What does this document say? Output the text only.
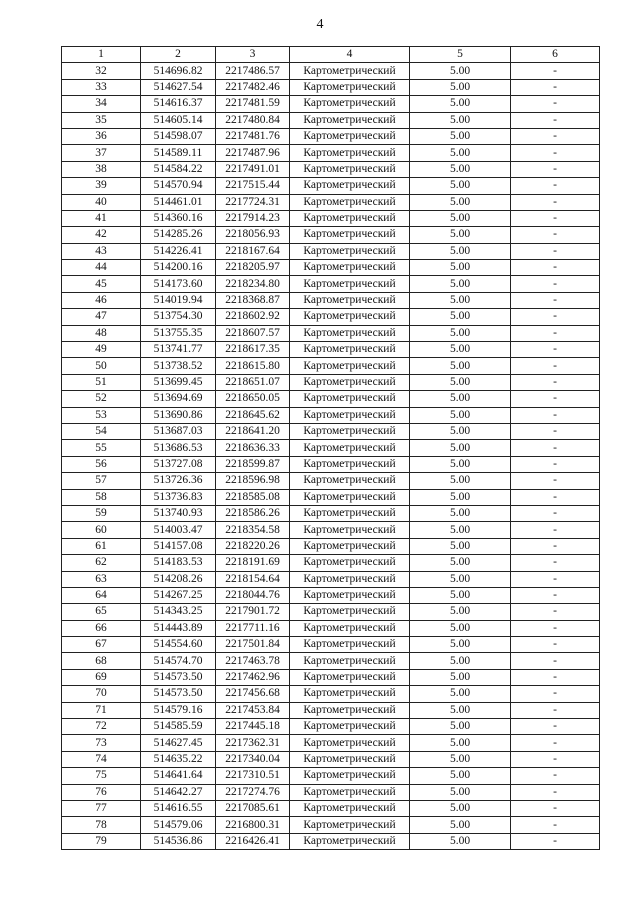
4
1	2	3	4	5	6
32	514696.82	2217486.57	Картометрический	5.00	-
33	514627.54	2217482.46	Картометрический	5.00	-
34	514616.37	2217481.59	Картометрический	5.00	-
35	514605.14	2217480.84	Картометрический	5.00	-
36	514598.07	2217481.76	Картометрический	5.00	-
37	514589.11	2217487.96	Картометрический	5.00	-
38	514584.22	2217491.01	Картометрический	5.00	-
39	514570.94	2217515.44	Картометрический	5.00	-
40	514461.01	2217724.31	Картометрический	5.00	-
41	514360.16	2217914.23	Картометрический	5.00	-
42	514285.26	2218056.93	Картометрический	5.00	-
43	514226.41	2218167.64	Картометрический	5.00	-
44	514200.16	2218205.97	Картометрический	5.00	-
45	514173.60	2218234.80	Картометрический	5.00	-
46	514019.94	2218368.87	Картометрический	5.00	-
47	513754.30	2218602.92	Картометрический	5.00	-
48	513755.35	2218607.57	Картометрический	5.00	-
49	513741.77	2218617.35	Картометрический	5.00	-
50	513738.52	2218615.80	Картометрический	5.00	-
51	513699.45	2218651.07	Картометрический	5.00	-
52	513694.69	2218650.05	Картометрический	5.00	-
53	513690.86	2218645.62	Картометрический	5.00	-
54	513687.03	2218641.20	Картометрический	5.00	-
55	513686.53	2218636.33	Картометрический	5.00	-
56	513727.08	2218599.87	Картометрический	5.00	-
57	513726.36	2218596.98	Картометрический	5.00	-
58	513736.83	2218585.08	Картометрический	5.00	-
59	513740.93	2218586.26	Картометрический	5.00	-
60	514003.47	2218354.58	Картометрический	5.00	-
61	514157.08	2218220.26	Картометрический	5.00	-
62	514183.53	2218191.69	Картометрический	5.00	-
63	514208.26	2218154.64	Картометрический	5.00	-
64	514267.25	2218044.76	Картометрический	5.00	-
65	514343.25	2217901.72	Картометрический	5.00	-
66	514443.89	2217711.16	Картометрический	5.00	-
67	514554.60	2217501.84	Картометрический	5.00	-
68	514574.70	2217463.78	Картометрический	5.00	-
69	514573.50	2217462.96	Картометрический	5.00	-
70	514573.50	2217456.68	Картометрический	5.00	-
71	514579.16	2217453.84	Картометрический	5.00	-
72	514585.59	2217445.18	Картометрический	5.00	-
73	514627.45	2217362.31	Картометрический	5.00	-
74	514635.22	2217340.04	Картометрический	5.00	-
75	514641.64	2217310.51	Картометрический	5.00	-
76	514642.27	2217274.76	Картометрический	5.00	-
77	514616.55	2217085.61	Картометрический	5.00	-
78	514579.06	2216800.31	Картометрический	5.00	-
79	514536.86	2216426.41	Картометрический	5.00	-
